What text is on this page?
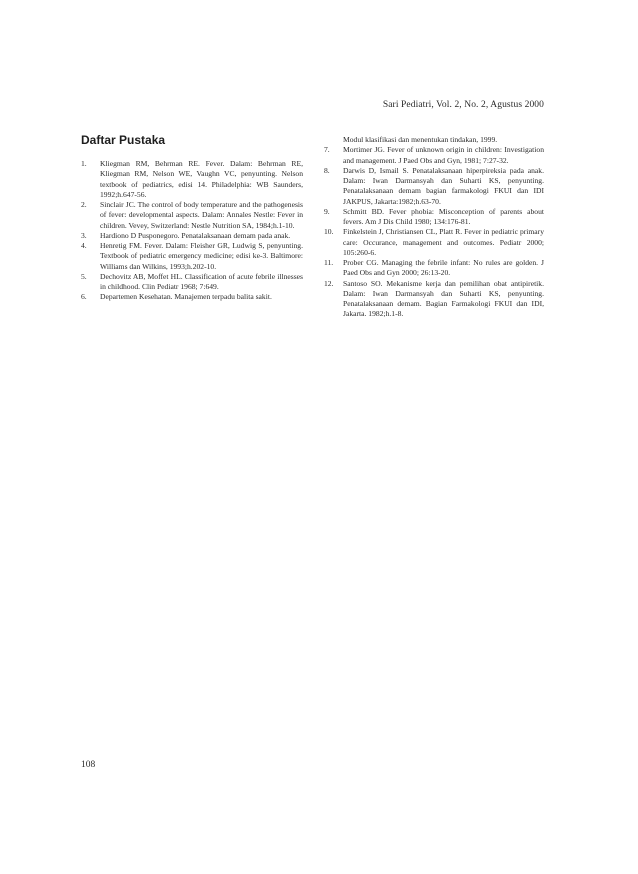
Sari Pediatri, Vol. 2, No. 2, Agustus 2000
Daftar Pustaka
1. Kliegman RM, Behrman RE. Fever. Dalam: Behrman RE, Kliegman RM, Nelson WE, Vaughn VC, penyunting. Nelson textbook of pediatrics, edisi 14. Philadelphia: WB Saunders, 1992;h.647-56.
2. Sinclair JC. The control of body temperature and the pathogenesis of fever: developmental aspects. Dalam: Annales Nestle: Fever in children. Vevey, Switzerland: Nestle Nutrition SA, 1984;h.1-10.
3. Hardiono D Pusponegoro. Penatalaksanaan demam pada anak.
4. Henretig FM. Fever. Dalam: Fleisher GR, Ludwig S, penyunting. Textbook of pediatric emergency medicine; edisi ke-3. Baltimore: Williams dan Wilkins, 1993;h.202-10.
5. Dechovitz AB, Moffet HL. Classification of acute febrile illnesses in childhood. Clin Pediatr 1968; 7:649.
6. Departemen Kesehatan. Manajemen terpadu balita sakit.
Modul klasifikasi dan menentukan tindakan, 1999.
7. Mortimer JG. Fever of unknown origin in children: Investigation and management. J Paed Obs and Gyn, 1981; 7:27-32.
8. Darwis D, Ismail S. Penatalaksanaan hiperpireksia pada anak. Dalam: Iwan Darmansyah dan Suharti KS, penyunting. Penatalaksanaan demam bagian farmakologi FKUI dan IDI JAKPUS, Jakarta:1982;h.63-70.
9. Schmitt BD. Fever phobia: Misconception of parents about fevers. Am J Dis Child 1980; 134:176-81.
10. Finkelstein J, Christiansen CL, Platt R. Fever in pediatric primary care: Occurance, management and outcomes. Pediatr 2000; 105:260-6.
11. Prober CG. Managing the febrile infant: No rules are golden. J Paed Obs and Gyn 2000; 26:13-20.
12. Santoso SO. Mekanisme kerja dan pemilihan obat antipiretik. Dalam: Iwan Darmansyah dan Suharti KS, penyunting. Penatalaksanaan demam. Bagian Farmakologi FKUI dan IDI, Jakarta. 1982;h.1-8.
108
